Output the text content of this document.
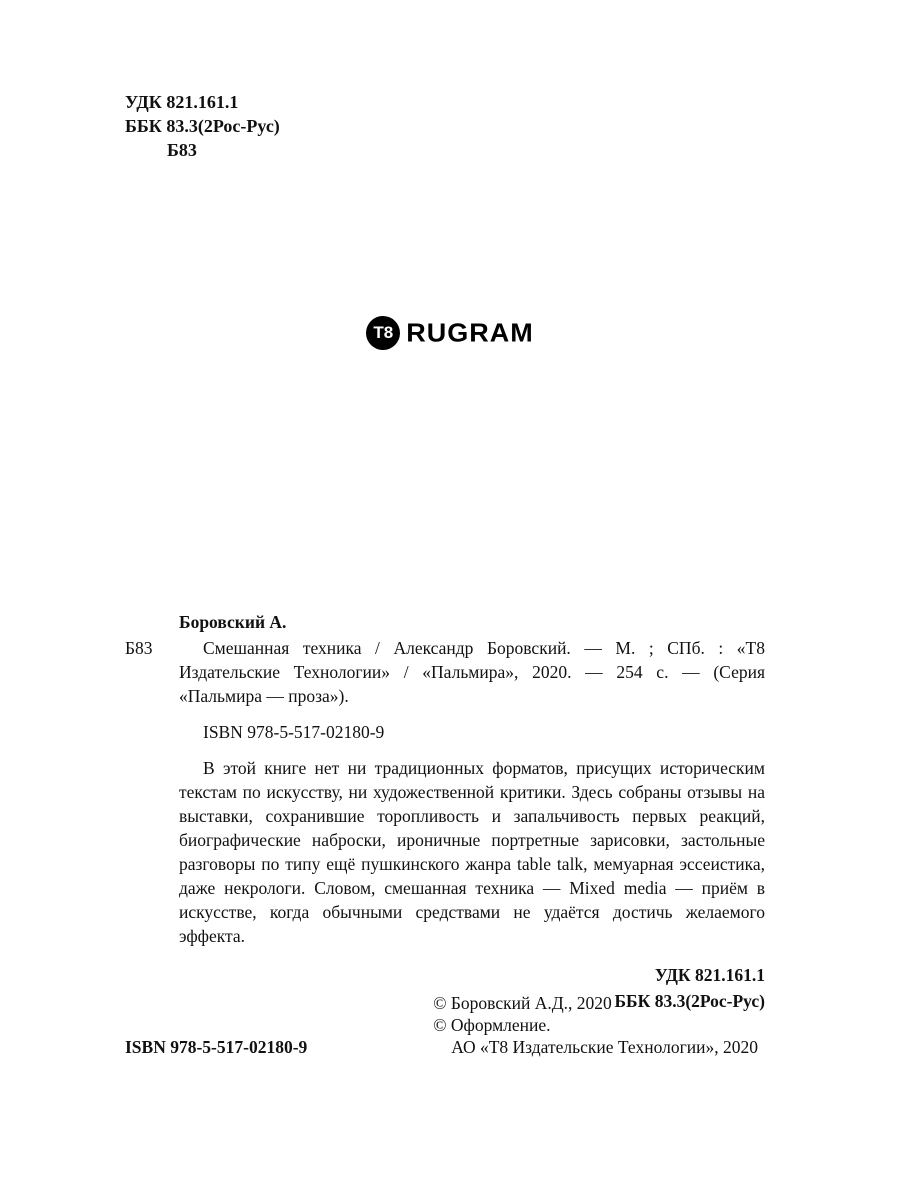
УДК 821.161.1
ББК 83.3(2Рос-Рус)
Б83
T8 RUGRAM
Боровский А.
Б83	Смешанная техника / Александр Боровский. — М. ; СПб. : «Т8 Издательские Технологии» / «Пальмира», 2020. — 254 с. — (Серия «Пальмира — проза»).
ISBN 978-5-517-02180-9

В этой книге нет ни традиционных форматов, присущих историческим текстам по искусству, ни художественной критики. Здесь собраны отзывы на выставки, сохранившие торопливость и запальчивость первых реакций, биографические наброски, ироничные портретные зарисовки, застольные разговоры по типу ещё пушкинского жанра table talk, мемуарная эссеистика, даже некрологи. Словом, смешанная техника — Mixed media — приём в искусстве, когда обычными средствами не удаётся достичь желаемого эффекта.

УДК 821.161.1
ББК 83.3(2Рос-Рус)
ISBN 978-5-517-02180-9
© Боровский А.Д., 2020
© Оформление.
АО «Т8 Издательские Технологии», 2020
